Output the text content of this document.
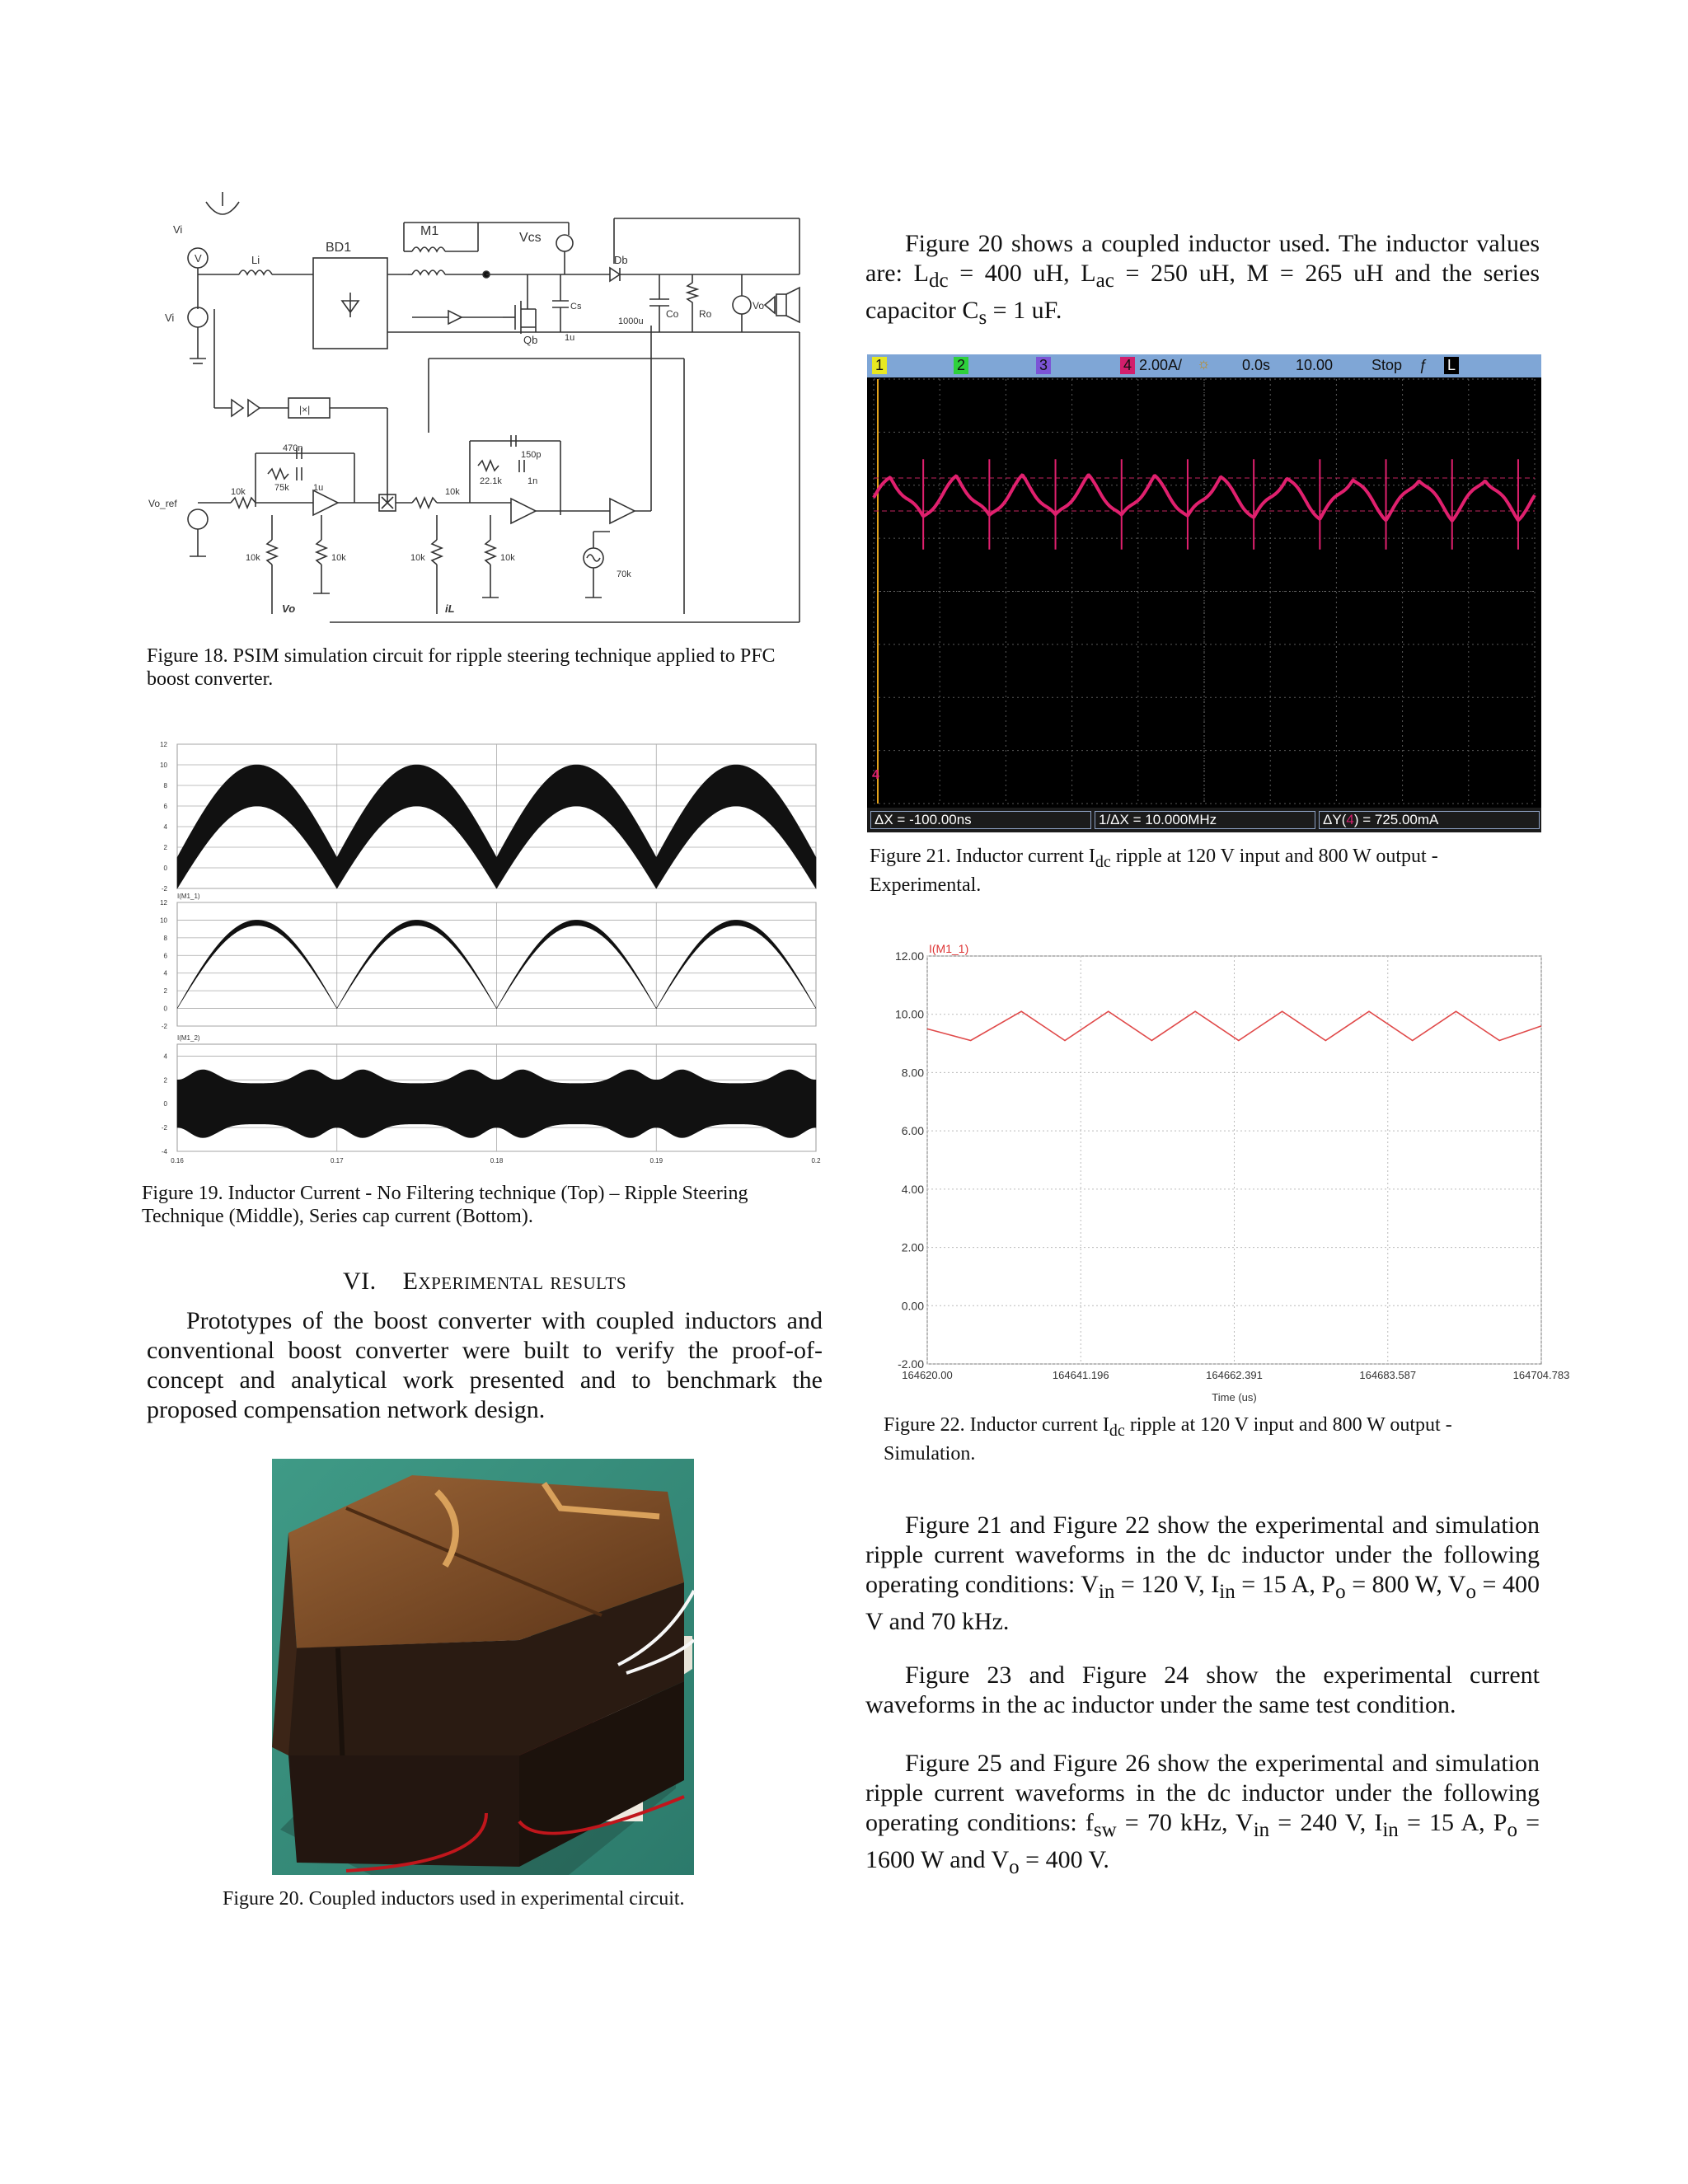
Vi
V
Vi
Li
BD1
M1	Vcs
Db
Cs
Qb	1u
1000u
Co Ro
Vo
|×|
470n
75k	1u
10k
Vo_ref
10k	10k
10k
10k	10k
150p
22.1k	1n
70k
Vo	iL
Figure 18. PSIM simulation circuit for ripple steering technique applied to PFC boost converter.
12
10
8
6
4
2
0
-2
12
10
8
6
4
2
0
-2
I(M1_1)
4
2
0
-2
-4
I(M1_2)
0.16	0.17	0.18	0.19	0.2
Figure 19. Inductor Current - No Filtering technique (Top) – Ripple Steering Technique (Middle), Series cap current (Bottom).
VI. Experimental results
Prototypes of the boost converter with coupled inductors and conventional boost converter were built to verify the proof-of-concept and analytical work presented and to benchmark the proposed compensation network design.
Figure 20. Coupled inductors used in experimental circuit.
Figure 20 shows a coupled inductor used. The inductor values are: $L_{dc} = 400$ uH, $L_{ac} = 250$ uH, M = 265 uH and the series capacitor $C_s = 1$ uF.
1	2	3	4 2.00A/ ☼ 0.0s 10.00	Stop ƒ L
4
ΔX = -100.00ns	1/ΔX = 10.000MHz	ΔY(4) = 725.00mA
Figure 21. Inductor current $I_{dc}$ ripple at 120 V input and 800 W output - Experimental.
12.00
10.00
8.00
6.00
4.00
2.00
0.00
-2.00
164620.00	164641.196	164662.391	164683.587	164704.783
Time (us)
I(M1_1)
Figure 22. Inductor current $I_{dc}$ ripple at 120 V input and 800 W output - Simulation.
Figure 21 and Figure 22 show the experimental and simulation ripple current waveforms in the dc inductor under the following operating conditions: $V_{in} = 120$ V, $I_{in} = 15$ A, $P_o = 800$ W, $V_o = 400$ V and 70 kHz.
Figure 23 and Figure 24 show the experimental current waveforms in the ac inductor under the same test condition.
Figure 25 and Figure 26 show the experimental and simulation ripple current waveforms in the dc inductor under the following operating conditions: $f_{sw} = 70$ kHz, $V_{in} = 240$ V, $I_{in} = 15$ A, $P_o = 1600$ W and $V_o = 400$ V.
